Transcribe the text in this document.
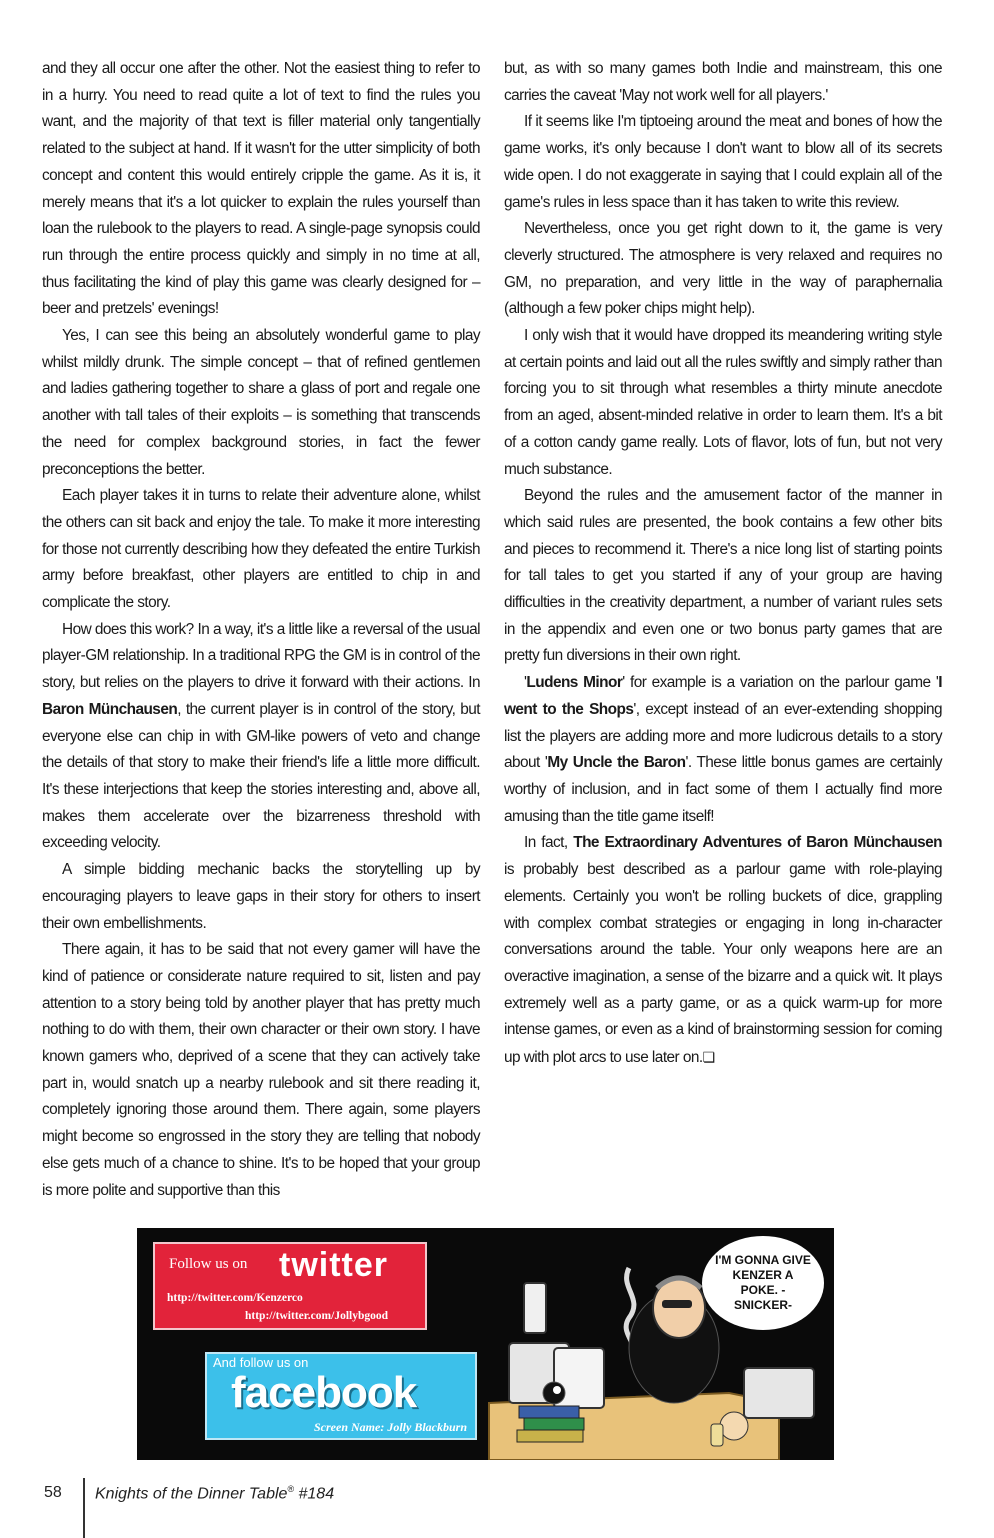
and they all occur one after the other. Not the easiest thing to refer to in a hurry. You need to read quite a lot of text to find the rules you want, and the majority of that text is filler material only tangentially related to the subject at hand. If it wasn't for the utter simplicity of both concept and content this would entirely cripple the game. As it is, it merely means that it's a lot quicker to explain the rules yourself than loan the rulebook to the players to read. A single-page synopsis could run through the entire process quickly and simply in no time at all, thus facilitating the kind of play this game was clearly designed for – beer and pretzels' evenings!

Yes, I can see this being an absolutely wonderful game to play whilst mildly drunk. The simple concept – that of refined gentlemen and ladies gathering together to share a glass of port and regale one another with tall tales of their exploits – is something that transcends the need for complex background stories, in fact the fewer preconceptions the better.

Each player takes it in turns to relate their adventure alone, whilst the others can sit back and enjoy the tale. To make it more interesting for those not currently describing how they defeated the entire Turkish army before breakfast, other players are entitled to chip in and complicate the story.

How does this work? In a way, it's a little like a reversal of the usual player-GM relationship. In a traditional RPG the GM is in control of the story, but relies on the players to drive it forward with their actions. In Baron Münchausen, the current player is in control of the story, but everyone else can chip in with GM-like powers of veto and change the details of that story to make their friend's life a little more difficult. It's these interjections that keep the stories interesting and, above all, makes them accelerate over the bizarreness threshold with exceeding velocity.

A simple bidding mechanic backs the storytelling up by encouraging players to leave gaps in their story for others to insert their own embellishments.

There again, it has to be said that not every gamer will have the kind of patience or considerate nature required to sit, listen and pay attention to a story being told by another player that has pretty much nothing to do with them, their own character or their own story. I have known gamers who, deprived of a scene that they can actively take part in, would snatch up a nearby rulebook and sit there reading it, completely ignoring those around them. There again, some players might become so engrossed in the story they are telling that nobody else gets much of a chance to shine. It's to be hoped that your group is more polite and supportive than this

but, as with so many games both Indie and mainstream, this one carries the caveat 'May not work well for all players.'

If it seems like I'm tiptoeing around the meat and bones of how the game works, it's only because I don't want to blow all of its secrets wide open. I do not exaggerate in saying that I could explain all of the game's rules in less space than it has taken to write this review.

Nevertheless, once you get right down to it, the game is very cleverly structured. The atmosphere is very relaxed and requires no GM, no preparation, and very little in the way of paraphernalia (although a few poker chips might help).

I only wish that it would have dropped its meandering writing style at certain points and laid out all the rules swiftly and simply rather than forcing you to sit through what resembles a thirty minute anecdote from an aged, absent-minded relative in order to learn them. It's a bit of a cotton candy game really. Lots of flavor, lots of fun, but not very much substance.

Beyond the rules and the amusement factor of the manner in which said rules are presented, the book contains a few other bits and pieces to recommend it. There's a nice long list of starting points for tall tales to get you started if any of your group are having difficulties in the creativity department, a number of variant rules sets in the appendix and even one or two bonus party games that are pretty fun diversions in their own right.

'Ludens Minor' for example is a variation on the parlour game 'I went to the Shops', except instead of an ever-extending shopping list the players are adding more and more ludicrous details to a story about 'My Uncle the Baron'. These little bonus games are certainly worthy of inclusion, and in fact some of them I actually find more amusing than the title game itself!

In fact, The Extraordinary Adventures of Baron Münchausen is probably best described as a parlour game with role-playing elements. Certainly you won't be rolling buckets of dice, grappling with complex combat strategies or engaging in long in-character conversations around the table. Your only weapons here are an overactive imagination, a sense of the bizarre and a quick wit. It plays extremely well as a party game, or as a quick warm-up for more intense games, or even as a kind of brainstorming session for coming up with plot arcs to use later on.❏

Follow us on twitter
http://twitter.com/Kenzerco
http://twitter.com/Jollybgood
And follow us on
facebook
Screen Name: Jolly Blackburn
I'M GONNA GIVE KENZER A POKE. -SNICKER-
58 Knights of the Dinner Table® #184
